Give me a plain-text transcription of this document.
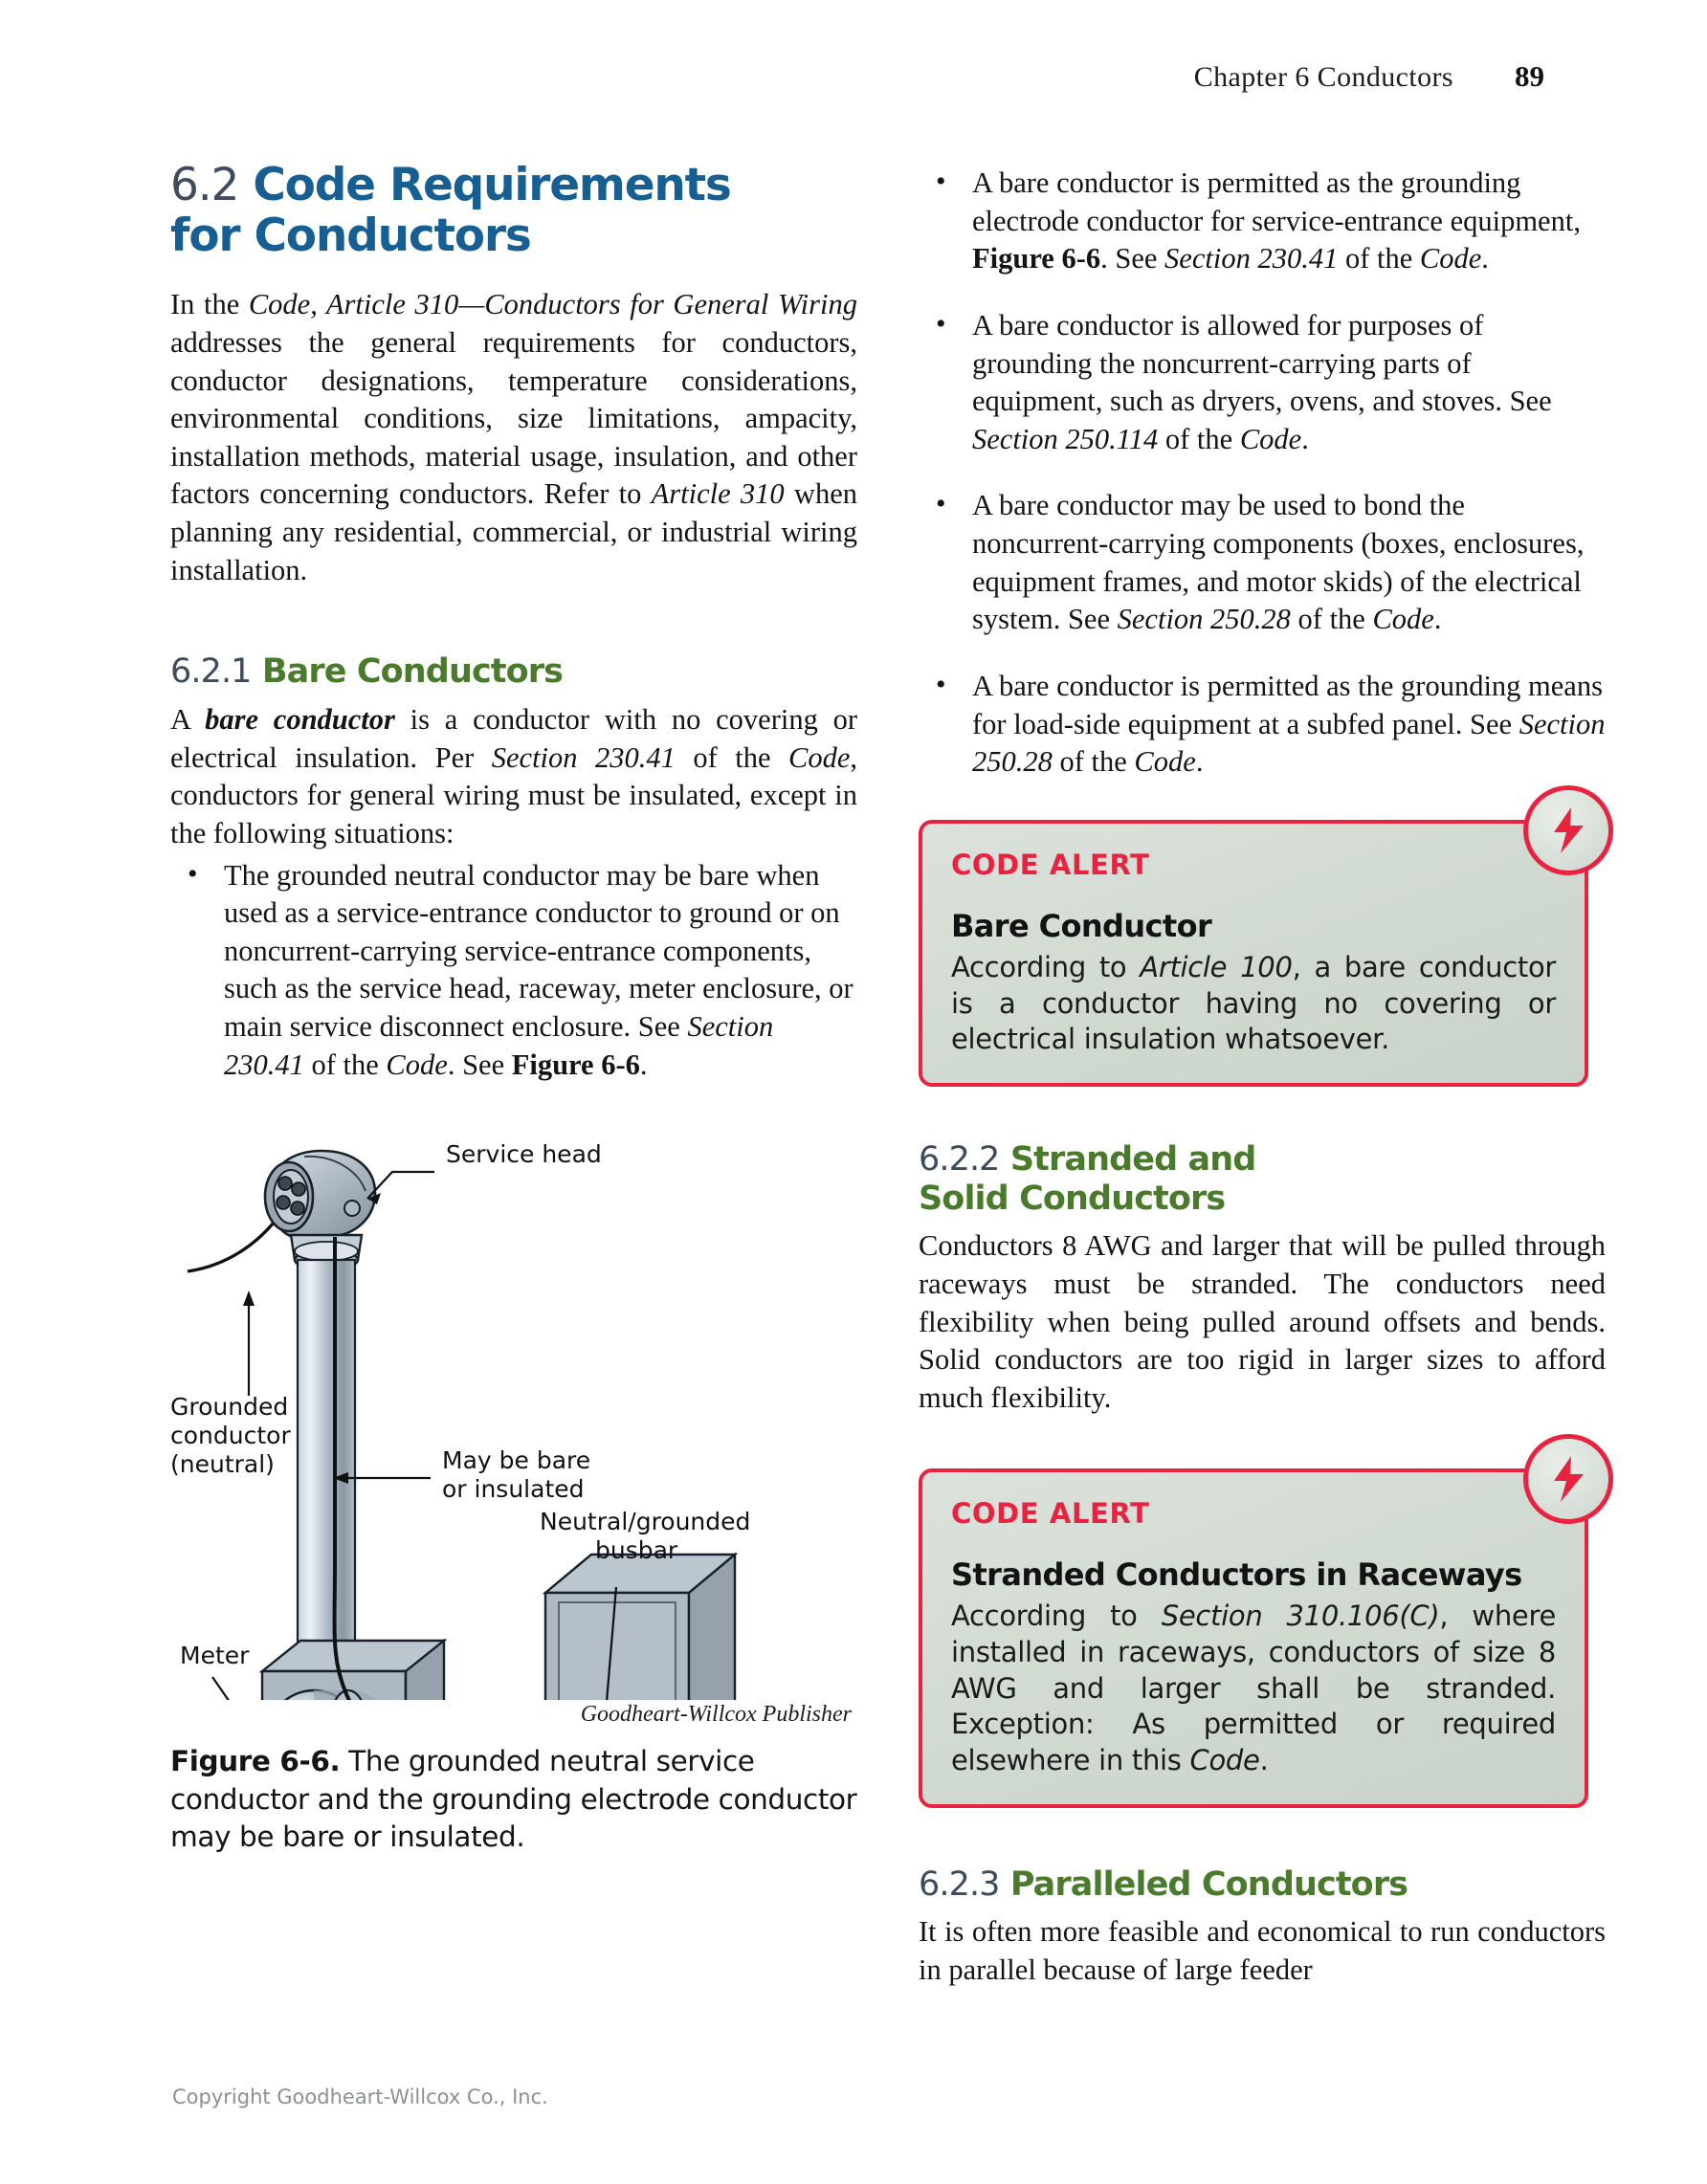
Chapter 6 Conductors 89
6.2 Code Requirements
for Conductors

In the Code, Article 310—Conductors for General Wiring addresses the general requirements for conductors, conductor designations, temperature considerations, environmental conditions, size limitations, ampacity, installation methods, material usage, insulation, and other factors concerning conductors. Refer to Article 310 when planning any residential, commercial, or industrial wiring installation.

6.2.1 Bare Conductors

A bare conductor is a conductor with no covering or electrical insulation. Per Section 230.41 of the Code, conductors for general wiring must be insulated, except in the following situations:

• The grounded neutral conductor may be bare when used as a service-entrance conductor to ground or on noncurrent-carrying service-entrance components, such as the service head, raceway, meter enclosure, or main service disconnect enclosure. See Section 230.41 of the Code. See Figure 6-6.
Service head
Grounded
conductor
(neutral)	May be bare
or insulated
Neutral/grounded
busbar
Meter
Goodheart-Willcox Publisher
Figure 6-6. The grounded neutral service conductor and the grounding electrode conductor may be bare or insulated.
• A bare conductor is permitted as the grounding electrode conductor for service-entrance equipment, Figure 6-6. See Section 230.41 of the Code.
• A bare conductor is allowed for purposes of grounding the noncurrent-carrying parts of equipment, such as dryers, ovens, and stoves. See Section 250.114 of the Code.
• A bare conductor may be used to bond the noncurrent-carrying components (boxes, enclosures, equipment frames, and motor skids) of the electrical system. See Section 250.28 of the Code.
• A bare conductor is permitted as the grounding means for load-side equipment at a subfed panel. See Section 250.28 of the Code.
CODE ALERT
Bare Conductor
According to Article 100, a bare conductor is a conductor having no covering or electrical insulation whatsoever.
6.2.2 Stranded and
Solid Conductors

Conductors 8 AWG and larger that will be pulled through raceways must be stranded. The conductors need flexibility when being pulled around offsets and bends. Solid conductors are too rigid in larger sizes to afford much flexibility.

CODE ALERT
Stranded Conductors in Raceways
According to Section 310.106(C), where installed in raceways, conductors of size 8 AWG and larger shall be stranded. Exception: As permitted or required elsewhere in this Code.
6.2.3 Paralleled Conductors

It is often more feasible and economical to run conductors in parallel because of large feeder

Copyright Goodheart-Willcox Co., Inc.
